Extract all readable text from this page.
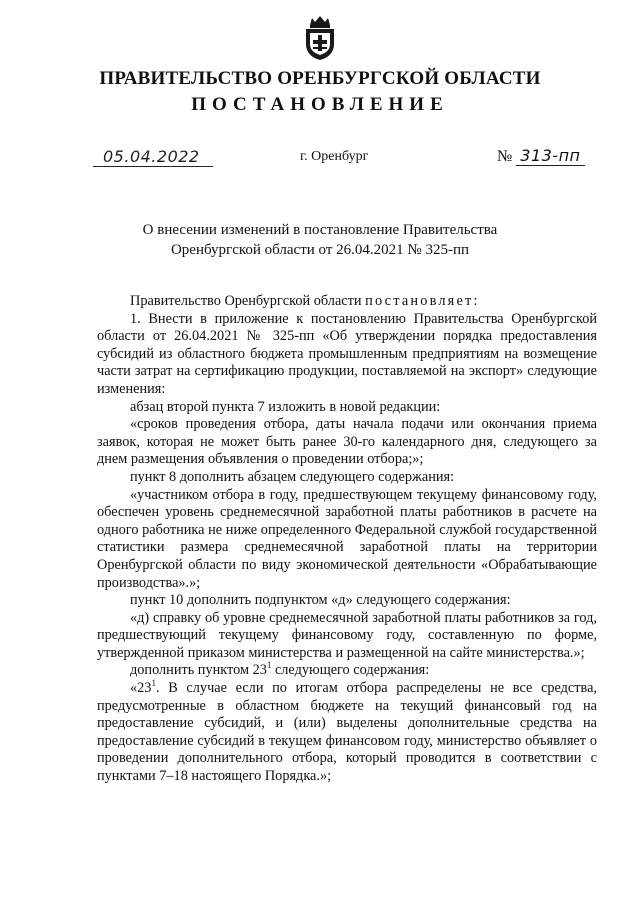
ПРАВИТЕЛЬСТВО ОРЕНБУРГСКОЙ ОБЛАСТИ
ПОСТАНОВЛЕНИЕ
05.04.2022	г. Оренбург	№ 313-пп
О внесении изменений в постановление Правительства
Оренбургской области от 26.04.2021 № 325-пп

Правительство Оренбургской области постановляет:

1. Внести в приложение к постановлению Правительства Оренбургской области от 26.04.2021 № 325-пп «Об утверждении порядка предоставления субсидий из областного бюджета промышленным предприятиям на возмещение части затрат на сертификацию продукции, поставляемой на экспорт» следующие изменения:

абзац второй пункта 7 изложить в новой редакции:

«сроков проведения отбора, даты начала подачи или окончания приема заявок, которая не может быть ранее 30-го календарного дня, следующего за днем размещения объявления о проведении отбора;»;

пункт 8 дополнить абзацем следующего содержания:

«участником отбора в году, предшествующем текущему финансовому году, обеспечен уровень среднемесячной заработной платы работников в расчете на одного работника не ниже определенного Федеральной службой государственной статистики размера среднемесячной заработной платы на территории Оренбургской области по виду экономической деятельности «Обрабатывающие производства».»;

пункт 10 дополнить подпунктом «д» следующего содержания:

«д) справку об уровне среднемесячной заработной платы работников за год, предшествующий текущему финансовому году, составленную по форме, утвержденной приказом министерства и размещенной на сайте министерства.»;

дополнить пунктом $23^1$ следующего содержания:

«$23^1$. В случае если по итогам отбора распределены не все средства, предусмотренные в областном бюджете на текущий финансовый год на предоставление субсидий, и (или) выделены дополнительные средства на предоставление субсидий в текущем финансовом году, министерство объявляет о проведении дополнительного отбора, который проводится в соответствии с пунктами 7–18 настоящего Порядка.»;
